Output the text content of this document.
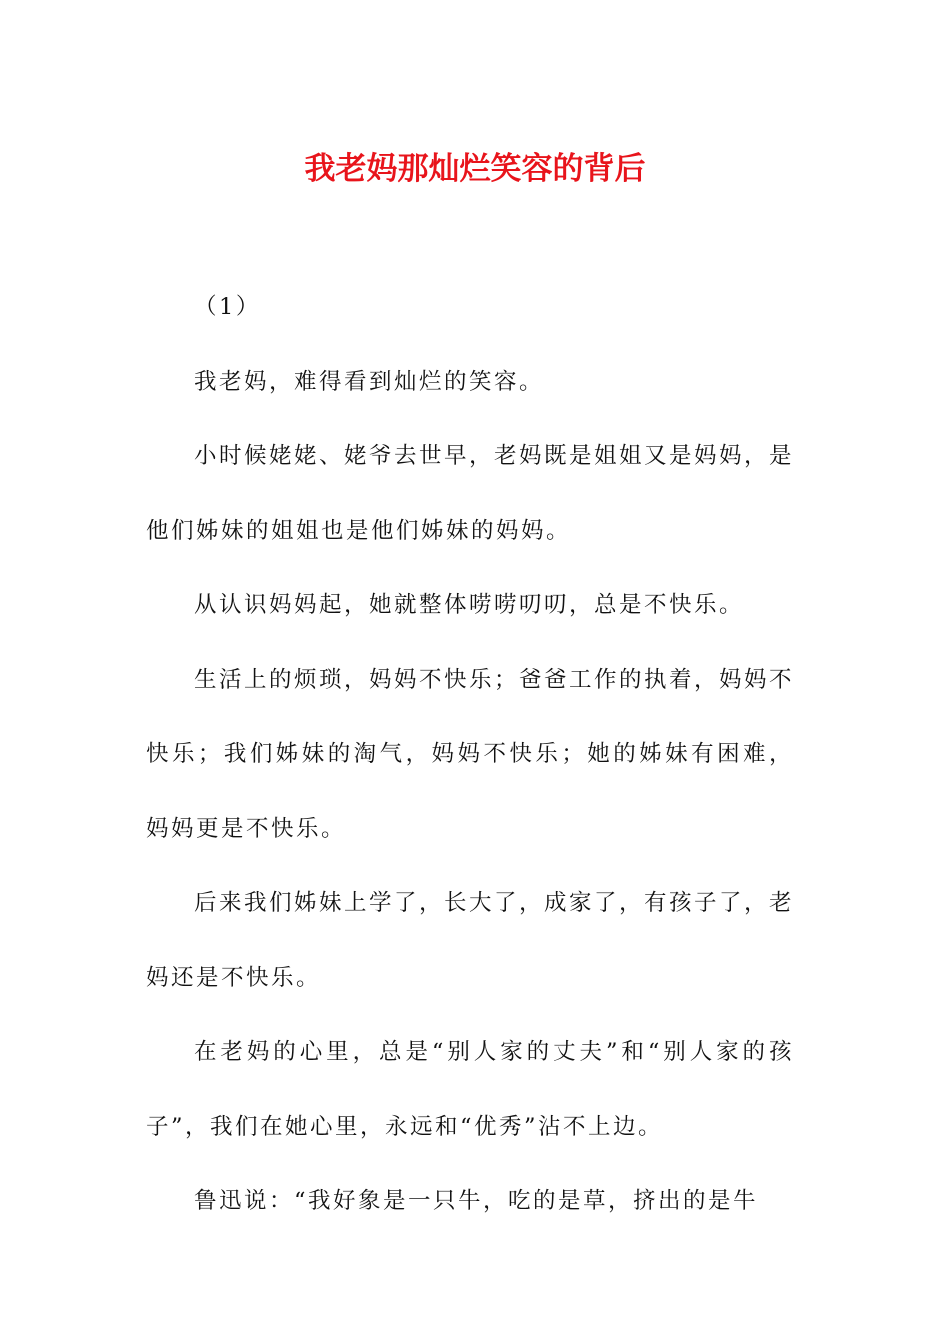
我老妈那灿烂笑容的背后

（1）

我老妈，难得看到灿烂的笑容。

小时候姥姥、姥爷去世早，老妈既是姐姐又是妈妈，是他们姊妹的姐姐也是他们姊妹的妈妈。

从认识妈妈起，她就整体唠唠叨叨，总是不快乐。

生活上的烦琐，妈妈不快乐；爸爸工作的执着，妈妈不快乐；我们姊妹的淘气，妈妈不快乐；她的姊妹有困难，妈妈更是不快乐。

后来我们姊妹上学了，长大了，成家了，有孩子了，老妈还是不快乐。

在老妈的心里，总是“别人家的丈夫”和“别人家的孩子”，我们在她心里，永远和“优秀”沾不上边。

鲁迅说：“我好象是一只牛，吃的是草，挤出的是牛
